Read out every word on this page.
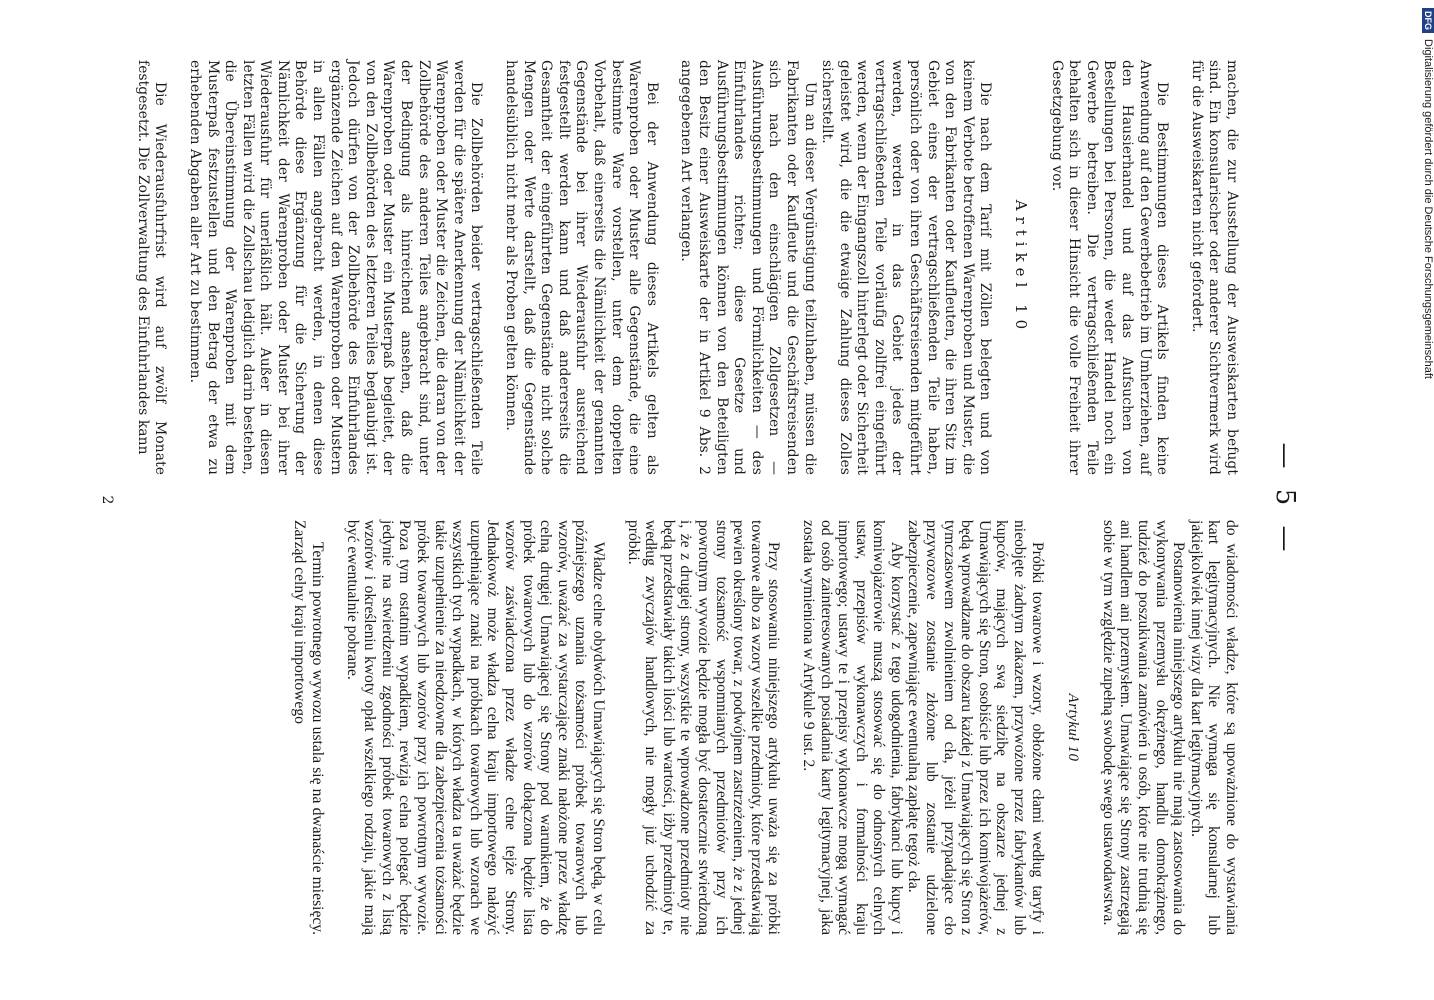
— 5 —

machen, die zur Ausstellung der Ausweiskarten befugt sind. Ein konsularischer oder anderer Sichtvermerk wird für die Ausweiskarten nicht gefordert.

Die Bestimmungen dieses Artikels finden keine Anwendung auf den Gewerbebetrieb im Umherziehen, auf den Hausierhandel und auf das Aufsuchen von Bestellungen bei Personen, die weder Handel noch ein Gewerbe betreiben. Die vertragschließenden Teile behalten sich in dieser Hinsicht die volle Freiheit ihrer Gesetzgebung vor.

Artikel 10

Die nach dem Tarif mit Zöllen belegten und von keinem Verbote betroffenen Warenproben und Muster, die von den Fabrikanten oder Kaufleuten, die ihren Sitz im Gebiet eines der vertragschließenden Teile haben, persönlich oder von ihren Geschäftsreisenden mitgeführt werden, werden in das Gebiet jedes der vertragschließenden Teile vorläufig zollfrei eingeführt werden, wenn der Eingangszoll hinterlegt oder Sicherheit geleistet wird, die die etwaige Zahlung dieses Zolles sicherstellt.

Um an dieser Vergünstigung teilzuhaben, müssen die Fabrikanten oder Kaufleute und die Geschäftsreisenden sich nach den einschlägigen Zollgesetzen — Ausführungsbestimmungen und Förmlichkeiten — des Einfuhrlandes richten; diese Gesetze und Ausführungsbestimmungen können von den Beteiligten den Besitz einer Ausweiskarte der in Artikel 9 Abs. 2 angegebenen Art verlangen.

Bei der Anwendung dieses Artikels gelten als Warenproben oder Muster alle Gegenstände, die eine bestimmte Ware vorstellen, unter dem doppelten Vorbehalt, daß einerseits die Nämlichkeit der genannten Gegenstände bei ihrer Wiederausfuhr ausreichend festgestellt werden kann und daß andererseits die Gesamtheit der eingeführten Gegenstände nicht solche Mengen oder Werte darstellt, daß die Gegenstände handelsüblich nicht mehr als Proben gelten können.

Die Zollbehörden beider vertragschließenden Teile werden für die spätere Anerkennung der Nämlichkeit der Warenproben oder Muster die Zeichen, die daran von der Zollbehörde des anderen Teiles angebracht sind, unter der Bedingung als hinreichend ansehen, daß die Warenproben oder Muster ein Musterpaß begleitet, der von den Zollbehörden des letzteren Teiles beglaubigt ist. Jedoch dürfen von der Zollbehörde des Einfuhrlandes ergänzende Zeichen auf den Warenproben oder Mustern in allen Fällen angebracht werden, in denen diese Behörde diese Ergänzung für die Sicherung der Nämlichkeit der Warenproben oder Muster bei ihrer Wiederausfuhr für unerläßlich hält. Außer in diesen letzten Fällen wird die Zollschau lediglich darin bestehen, die Übereinstimmung der Warenproben mit dem Musterpaß festzustellen und den Betrag der etwa zu erhebenden Abgaben aller Art zu bestimmen.

Die Wiederausfuhrfrist wird auf zwölf Monate festgesetzt. Die Zollverwaltung des Einfuhrlandes kann

do wiadomości władze, które są upoważnione do wystawiania kart legitymacyjnych. Nie wymaga się konsularnej lub jakiejkolwiek innej wizy dla kart legitymacyjnych.

Postanowienia niniejszego artykułu nie mają zastosowania do wykonywania przemysłu okrężnego, handlu domokrążnego, tudzież do poszukiwania zamówień u osób, które nie trudnią się ani handlem ani przemysłem. Umawiające się Strony zastrzegają sobie w tym względzie zupełną swobodę swego ustawodawstwa.

Artykuł 10

Próbki towarowe i wzory, obłożone cłami według taryfy i nieobjęte żadnym zakazem, przywożone przez fabrykantów lub kupców, mających swą siedzibę na obszarze jednej z Umawiających się Stron, osobiście lub przez ich komiwojażerów, będą wprowadzane do obszaru każdej z Umawiających się Stron z tymczasowem zwolnieniem od cła, jeżeli przypadające cło przywozowe zostanie złożone lub zostanie udzielone zabezpieczenie, zapewniające ewentualną zapłatę tegoż cła.

Aby korzystać z tego udogodnienia, fabrykanci lub kupcy i komiwojażerowie muszą stosować się do odnośnych celnych ustaw, przepisów wykonawczych i formalności kraju importowego; ustawy te i przepisy wykonawcze mogą wymagać od osób zainteresowanych posiadania karty legitymacyjnej, jaka została wymieniona w Artykule 9 ust. 2.

Przy stosowaniu niniejszego artykułu uważa się za próbki towarowe albo za wzory wszelkie przedmioty, które przedstawiają pewien określony towar, z podwójnem zastrzeżeniem, że z jednej strony tożsamość wspomnianych przedmiotów przy ich powrotnym wywozie będzie mogła być dostatecznie stwierdzoną i, że z drugiej strony, wszystkie te wprowadzone przedmioty nie będą przedstawiały takich ilości lub wartości, iżby przedmioty te, według zwyczajów handlowych, nie mogły już uchodzić za próbki.

Władze celne obydwóch Umawiających się Stron będą, w celu późniejszego uznania tożsamości próbek towarowych lub wzorów, uważać za wystarczające znaki nałożone przez władzę celną drugiej Umawiającej się Strony pod warunkiem, że do próbek towarowych lub do wzorów dołączona będzie lista wzorów zaświadczona przez władze celne tejże Strony. Jednakowoż może władza celna kraju importowego nałożyć uzupełniające znaki na próbkach towarowych lub wzorach we wszystkich tych wypadkach, w których władza ta uważać będzie takie uzupełnienie za nieodzowne dla zabezpieczenia tożsamości próbek towarowych lub wzorów przy ich powrotnym wywozie. Poza tym ostatnim wypadkiem, rewizja celna polegać będzie jedynie na stwierdzeniu zgodności próbek towarowych z listą wzorów i określeniu kwoty opłat wszelkiego rodzaju, jakie mają być ewentualnie pobrane.

Termin powrotnego wywozu ustala się na dwanaście miesięcy. Zarząd celny kraju importowego

2
DFG
Digitalisierung gefördert durch die Deutsche Forschungsgemeinschaft
